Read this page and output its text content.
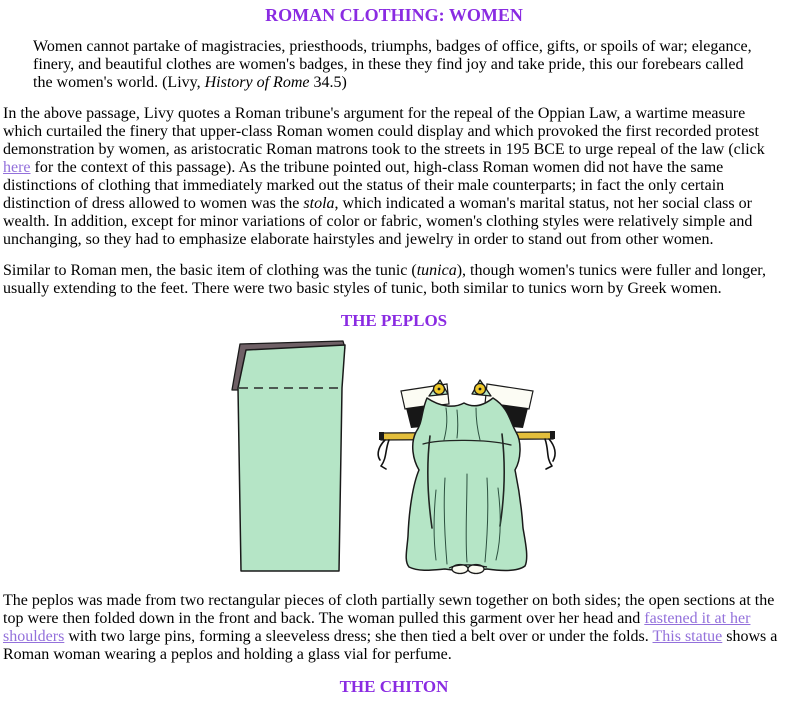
ROMAN CLOTHING: WOMEN
Women cannot partake of magistracies, priesthoods, triumphs, badges of office, gifts, or spoils of war; elegance, finery, and beautiful clothes are women's badges, in these they find joy and take pride, this our forebears called the women's world. (Livy, History of Rome 34.5)

In the above passage, Livy quotes a Roman tribune's argument for the repeal of the Oppian Law, a wartime measure which curtailed the finery that upper-class Roman women could display and which provoked the first recorded protest demonstration by women, as aristocratic Roman matrons took to the streets in 195 BCE to urge repeal of the law (click here for the context of this passage). As the tribune pointed out, high-class Roman women did not have the same distinctions of clothing that immediately marked out the status of their male counterparts; in fact the only certain distinction of dress allowed to women was the stola, which indicated a woman's marital status, not her social class or wealth. In addition, except for minor variations of color or fabric, women's clothing styles were relatively simple and unchanging, so they had to emphasize elaborate hairstyles and jewelry in order to stand out from other women.

Similar to Roman men, the basic item of clothing was the tunic (tunica), though women's tunics were fuller and longer, usually extending to the feet. There were two basic styles of tunic, both similar to tunics worn by Greek women.

THE PEPLOS

The peplos was made from two rectangular pieces of cloth partially sewn together on both sides; the open sections at the top were then folded down in the front and back. The woman pulled this garment over her head and fastened it at her shoulders with two large pins, forming a sleeveless dress; she then tied a belt over or under the folds. This statue shows a Roman woman wearing a peplos and holding a glass vial for perfume.

THE CHITON
